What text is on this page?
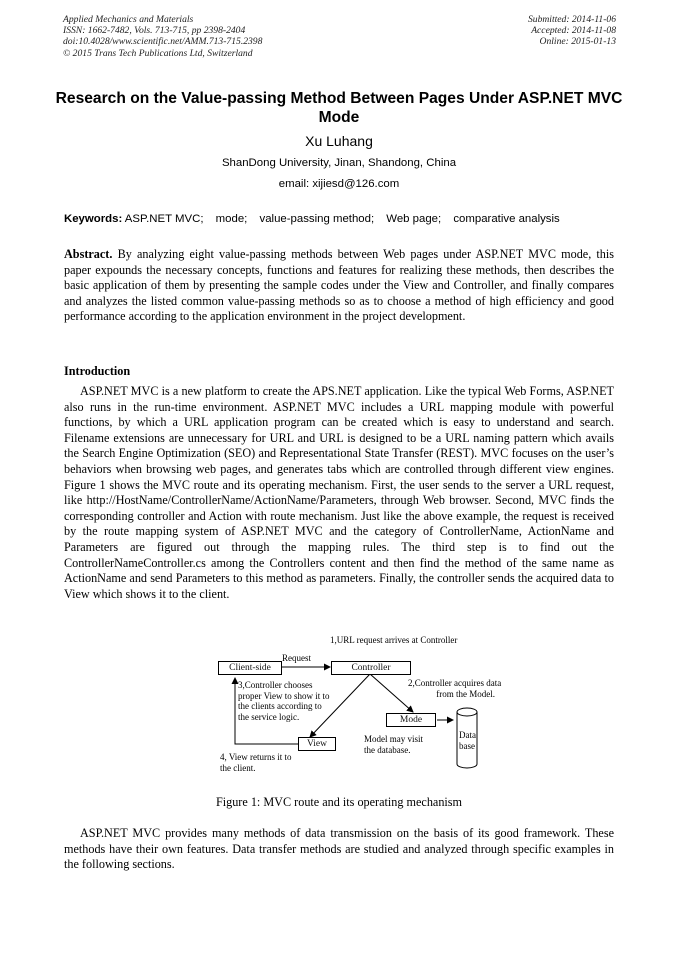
Applied Mechanics and Materials
ISSN: 1662-7482, Vols. 713-715, pp 2398-2404
doi:10.4028/www.scientific.net/AMM.713-715.2398
© 2015 Trans Tech Publications Ltd, Switzerland
Submitted: 2014-11-06
Accepted: 2014-11-08
Online: 2015-01-13
Research on the Value-passing Method Between Pages Under ASP.NET MVC Mode
Xu Luhang
ShanDong University, Jinan, Shandong, China
email: xijiesd@126.com
Keywords: ASP.NET MVC; mode; value-passing method; Web page; comparative analysis
Abstract. By analyzing eight value-passing methods between Web pages under ASP.NET MVC mode, this paper expounds the necessary concepts, functions and features for realizing these methods, then describes the basic application of them by presenting the sample codes under the View and Controller, and finally compares and analyzes the listed common value-passing methods so as to choose a method of high efficiency and good performance according to the application environment in the project development.
Introduction
ASP.NET MVC is a new platform to create the APS.NET application. Like the typical Web Forms, ASP.NET also runs in the run-time environment. ASP.NET MVC includes a URL mapping module with powerful functions, by which a URL application program can be created which is easy to understand and search. Filename extensions are unnecessary for URL and URL is designed to be a URL naming pattern which avails the Search Engine Optimization (SEO) and Representational State Transfer (REST). MVC focuses on the user’s behaviors when browsing web pages, and generates tabs which are controlled through different view engines. Figure 1 shows the MVC route and its operating mechanism. First, the user sends to the server a URL request, like http://HostName/ControllerName/ActionName/Parameters, through Web browser. Second, MVC finds the corresponding controller and Action with route mechanism. Just like the above example, the request is received by the route mapping system of ASP.NET MVC and the category of ControllerName, ActionName and Parameters are figured out through the mapping rules. The third step is to find out the ControllerNameController.cs among the Controllers content and then find the method of the same name as ActionName and send Parameters to this method as parameters. Finally, the controller sends the acquired data to View which shows it to the client.
1,URL request arrives at Controller
Request
Client-side	Controller
2,Controller acquires data
from the Model.
3,Controller chooses
proper View to show it to
the clients according to
the service logic.	Mode
Data
base
Model may visit
the database.
View
4, View returns it to
the client.
Figure 1: MVC route and its operating mechanism
ASP.NET MVC provides many methods of data transmission on the basis of its good framework. These methods have their own features. Data transfer methods are studied and analyzed through specific examples in the following sections.
